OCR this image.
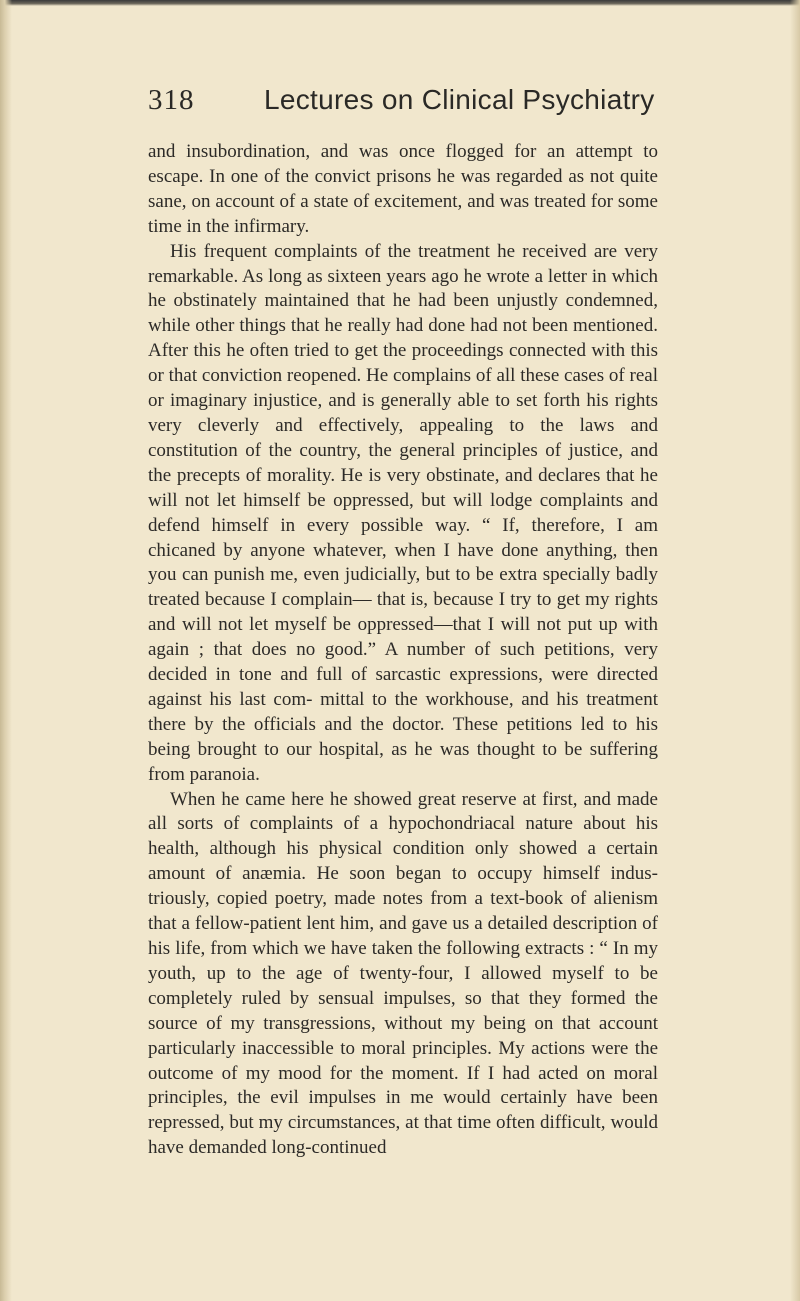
318 Lectures on Clinical Psychiatry

and insubordination, and was once flogged for an attempt to escape. In one of the convict prisons he was regarded as not quite sane, on account of a state of excitement, and was treated for some time in the infirmary.

His frequent complaints of the treatment he received are very remarkable. As long as sixteen years ago he wrote a letter in which he obstinately maintained that he had been unjustly condemned, while other things that he really had done had not been mentioned. After this he often tried to get the proceedings connected with this or that conviction reopened. He complains of all these cases of real or imaginary injustice, and is generally able to set forth his rights very cleverly and effectively, appealing to the laws and constitution of the country, the general principles of justice, and the precepts of morality. He is very obstinate, and declares that he will not let himself be oppressed, but will lodge complaints and defend himself in every possible way. “ If, therefore, I am chicaned by anyone whatever, when I have done anything, then you can punish me, even judicially, but to be extra specially badly treated because I complain— that is, because I try to get my rights and will not let myself be oppressed—that I will not put up with again ; that does no good.” A number of such petitions, very decided in tone and full of sarcastic expressions, were directed against his last com- mittal to the workhouse, and his treatment there by the officials and the doctor. These petitions led to his being brought to our hospital, as he was thought to be suffering from paranoia.

When he came here he showed great reserve at first, and made all sorts of complaints of a hypochondriacal nature about his health, although his physical condition only showed a certain amount of anæmia. He soon began to occupy himself indus- triously, copied poetry, made notes from a text-book of alienism that a fellow-patient lent him, and gave us a detailed description of his life, from which we have taken the following extracts : “ In my youth, up to the age of twenty-four, I allowed myself to be completely ruled by sensual impulses, so that they formed the source of my transgressions, without my being on that account particularly inaccessible to moral principles. My actions were the outcome of my mood for the moment. If I had acted on moral principles, the evil impulses in me would certainly have been repressed, but my circumstances, at that time often difficult, would have demanded long-continued
